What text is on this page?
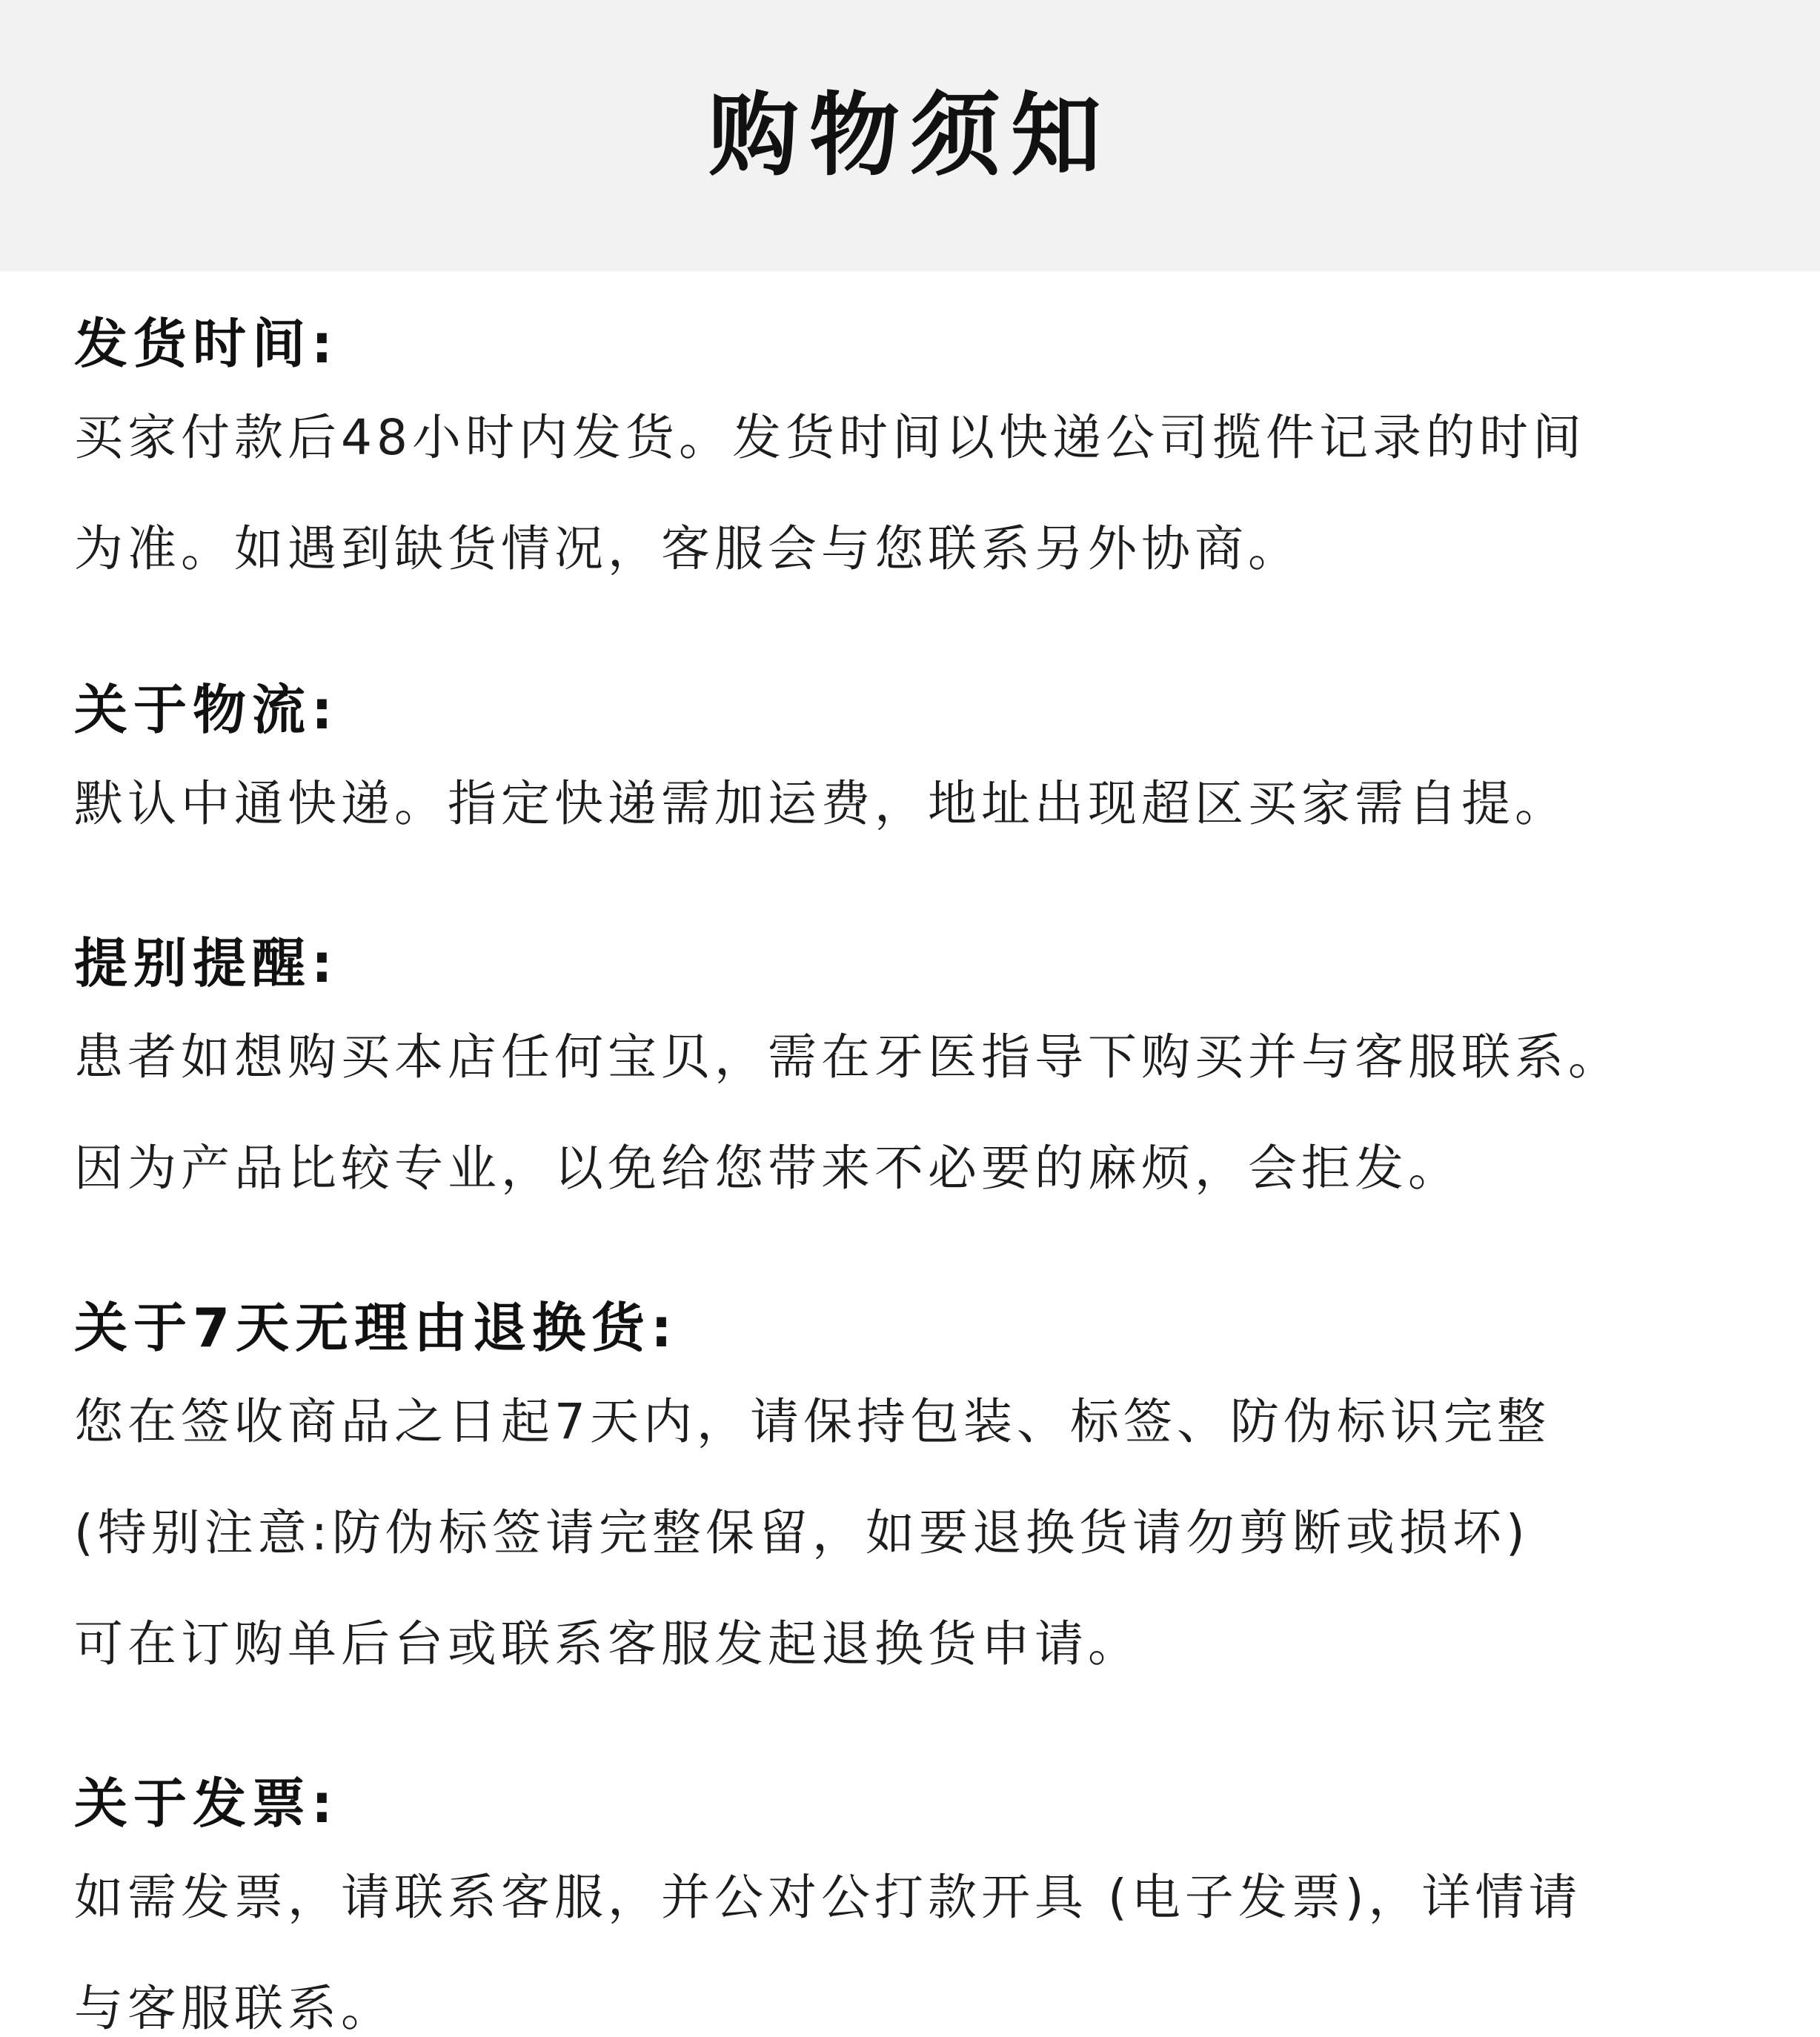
购物须知
发货时间:
买家付款后48小时内发货。发货时间以快递公司揽件记录的时间
为准。如遇到缺货情况，客服会与您联系另外协商。
关于物流:
默认中通快递。指定快递需加运费，地址出现超区买家需自提。
提别提醒:
患者如想购买本店任何宝贝，需在牙医指导下购买并与客服联系。
因为产品比较专业，以免给您带来不必要的麻烦，会拒发。
关于7天无理由退换货:
您在签收商品之日起7天内，请保持包装、标签、防伪标识完整
(特别注意:防伪标签请完整保留，如要退换货请勿剪断或损坏)
可在订购单后台或联系客服发起退换货申请。
关于发票:
如需发票，请联系客服，并公对公打款开具 (电子发票)，详情请
与客服联系。
